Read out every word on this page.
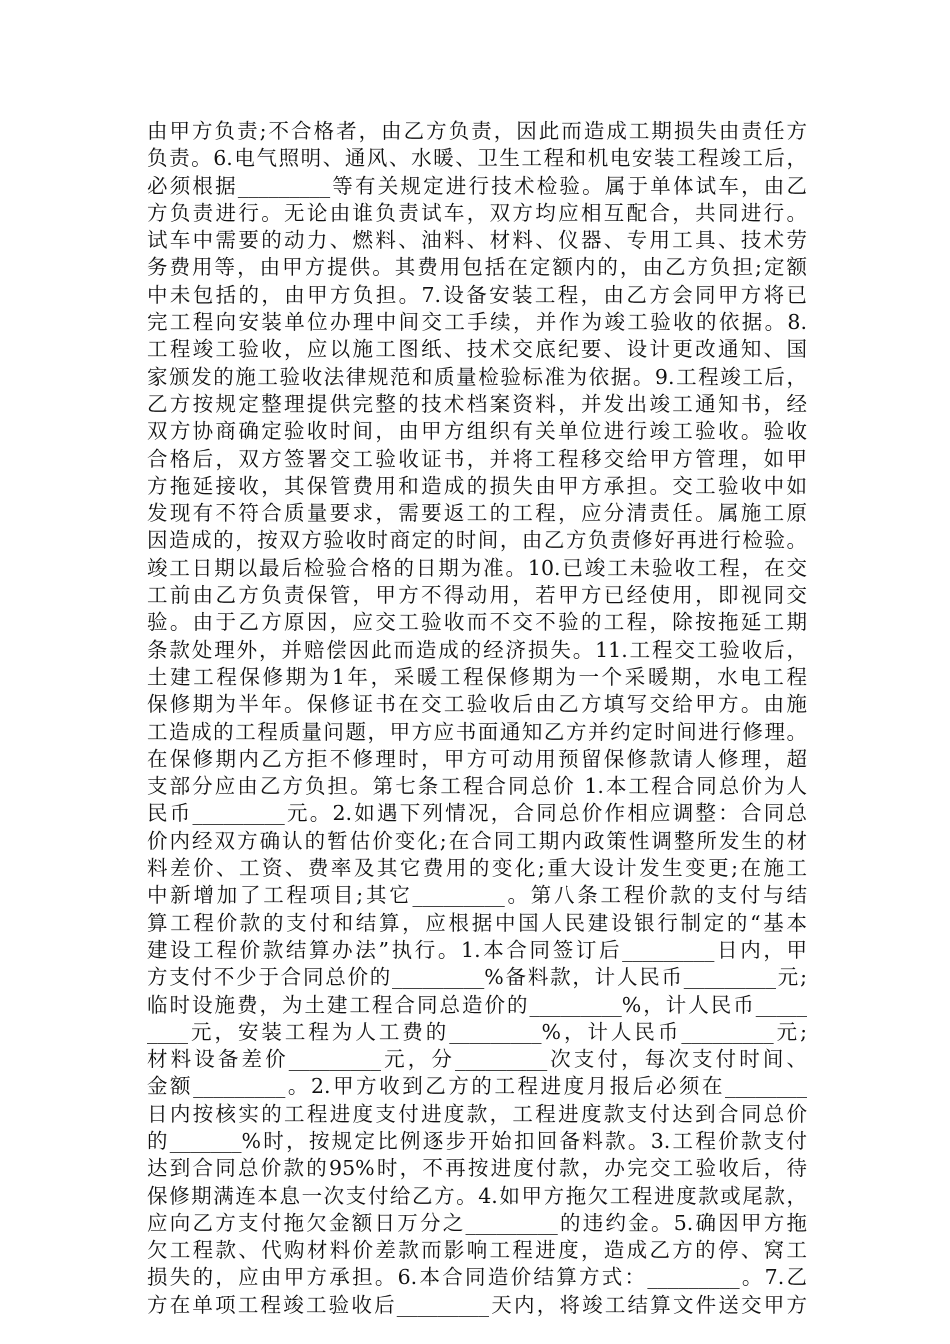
由甲方负责;不合格者，由乙方负责，因此而造成工期损失由责任方
负责。6.电气照明、通风、水暖、卫生工程和机电安装工程竣工后，
必须根据_________等有关规定进行技术检验。属于单体试车，由乙
方负责进行。无论由谁负责试车，双方均应相互配合，共同进行。
试车中需要的动力、燃料、油料、材料、仪器、专用工具、技术劳
务费用等，由甲方提供。其费用包括在定额内的，由乙方负担;定额
中未包括的，由甲方负担。7.设备安装工程，由乙方会同甲方将已
完工程向安装单位办理中间交工手续，并作为竣工验收的依据。8.
工程竣工验收，应以施工图纸、技术交底纪要、设计更改通知、国
家颁发的施工验收法律规范和质量检验标准为依据。9.工程竣工后，
乙方按规定整理提供完整的技术档案资料，并发出竣工通知书，经
双方协商确定验收时间，由甲方组织有关单位进行竣工验收。验收
合格后，双方签署交工验收证书，并将工程移交给甲方管理，如甲
方拖延接收，其保管费用和造成的损失由甲方承担。交工验收中如
发现有不符合质量要求，需要返工的工程，应分清责任。属施工原
因造成的，按双方验收时商定的时间，由乙方负责修好再进行检验。
竣工日期以最后检验合格的日期为准。10.已竣工未验收工程，在交
工前由乙方负责保管，甲方不得动用，若甲方已经使用，即视同交
验。由于乙方原因，应交工验收而不交不验的工程，除按拖延工期
条款处理外，并赔偿因此而造成的经济损失。11.工程交工验收后，
土建工程保修期为1年，采暖工程保修期为一个采暖期，水电工程
保修期为半年。保修证书在交工验收后由乙方填写交给甲方。由施
工造成的工程质量问题，甲方应书面通知乙方并约定时间进行修理。
在保修期内乙方拒不修理时，甲方可动用预留保修款请人修理，超
支部分应由乙方负担。第七条工程合同总价 1.本工程合同总价为人
民币_________元。2.如遇下列情况，合同总价作相应调整：合同总
价内经双方确认的暂估价变化;在合同工期内政策性调整所发生的材
料差价、工资、费率及其它费用的变化;重大设计发生变更;在施工
中新增加了工程项目;其它_________。第八条工程价款的支付与结
算工程价款的支付和结算，应根据中国人民建设银行制定的“基本
建设工程价款结算办法”执行。1.本合同签订后_________日内，甲
方支付不少于合同总价的_________%备料款，计人民币_________元;
临时设施费，为土建工程合同总造价的_________%，计人民币_____
____元，安装工程为人工费的_________%，计人民币_________元;
材料设备差价_________元，分_________次支付，每次支付时间、
金额_________。2.甲方收到乙方的工程进度月报后必须在________
日内按核实的工程进度支付进度款，工程进度款支付达到合同总价
的_______%时，按规定比例逐步开始扣回备料款。3.工程价款支付
达到合同总价款的95%时，不再按进度付款，办完交工验收后，待
保修期满连本息一次支付给乙方。4.如甲方拖欠工程进度款或尾款，
应向乙方支付拖欠金额日万分之_________的违约金。5.确因甲方拖
欠工程款、代购材料价差款而影响工程进度，造成乙方的停、窝工
损失的，应由甲方承担。6.本合同造价结算方式：_________。7.乙
方在单项工程竣工验收后_________天内，将竣工结算文件送交甲方
